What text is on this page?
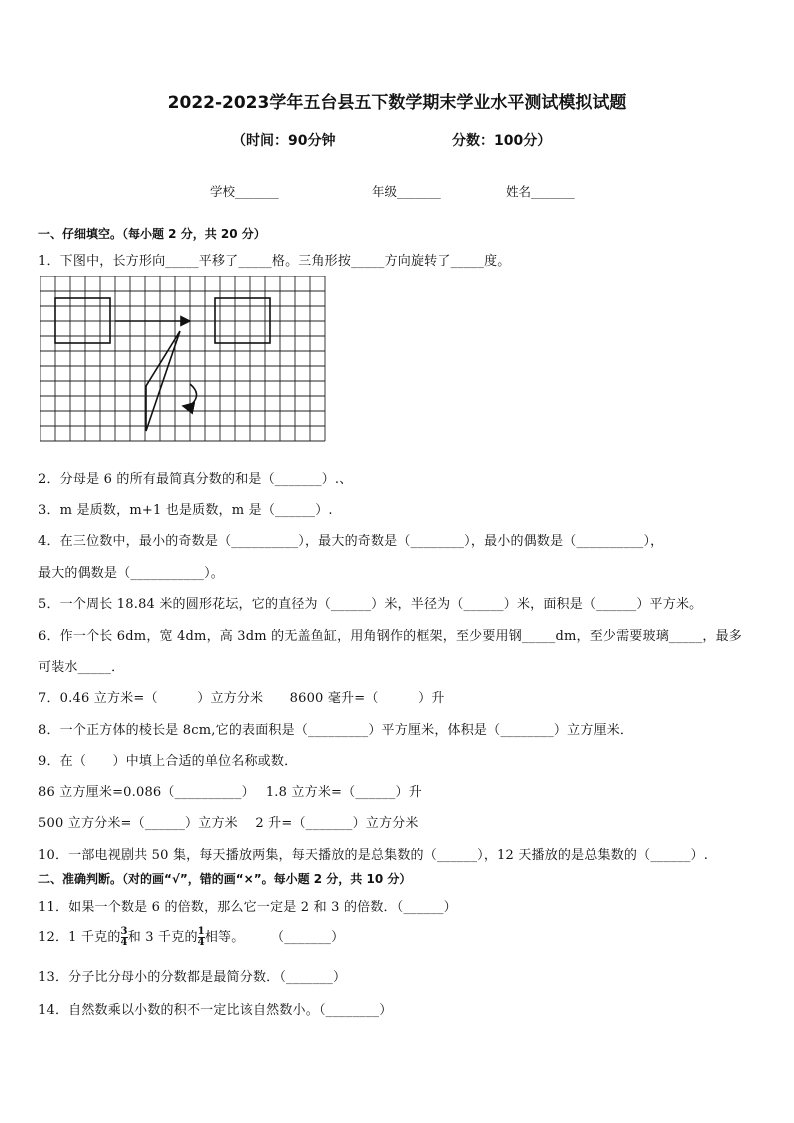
2022-2023学年五台县五下数学期末学业水平测试模拟试题
（时间：90分钟	分数：100分）
学校_______	年级_______	姓名_______
一、仔细填空。（每小题 2 分，共 20 分）
1．下图中，长方形向_____平移了_____格。三角形按_____方向旋转了_____度。
2．分母是 6 的所有最简真分数的和是（_______）.、
3．m 是质数，m+1 也是质数，m 是（______）.
4．在三位数中，最小的奇数是（__________），最大的奇数是（________），最小的偶数是（__________），
最大的偶数是（___________）。
5．一个周长 18.84 米的圆形花坛，它的直径为（______）米，半径为（______）米，面积是（______）平方米。
6．作一个长 6dm，宽 4dm，高 3dm 的无盖鱼缸，用角钢作的框架，至少要用钢_____dm，至少需要玻璃_____，最多
可装水_____．
7．0.46 立方米=（　　　）立方分米　　8600 毫升=（　　　）升
8．一个正方体的棱长是 8cm,它的表面积是（_________）平方厘米，体积是（________）立方厘米．
9．在（　　）中填上合适的单位名称或数．
86 立方厘米=0.086（__________）　 1.8 立方米=（______）升
500 立方分米=（______）立方米　 2 升=（_______）立方分米
10．一部电视剧共 50 集，每天播放两集，每天播放的是总集数的（______），12 天播放的是总集数的（______）.
二、准确判断。（对的画“√”，错的画“×”。每小题 2 分，共 10 分）
11．如果一个数是 6 的倍数，那么它一定是 2 和 3 的倍数．（______）
12．1 千克的 $\frac{3}{4}$ 和 3 千克的 $\frac{1}{4}$ 相等。　　　（_______）
13．分子比分母小的分数都是最简分数．（_______）
14．自然数乘以小数的积不一定比该自然数小。（________）
